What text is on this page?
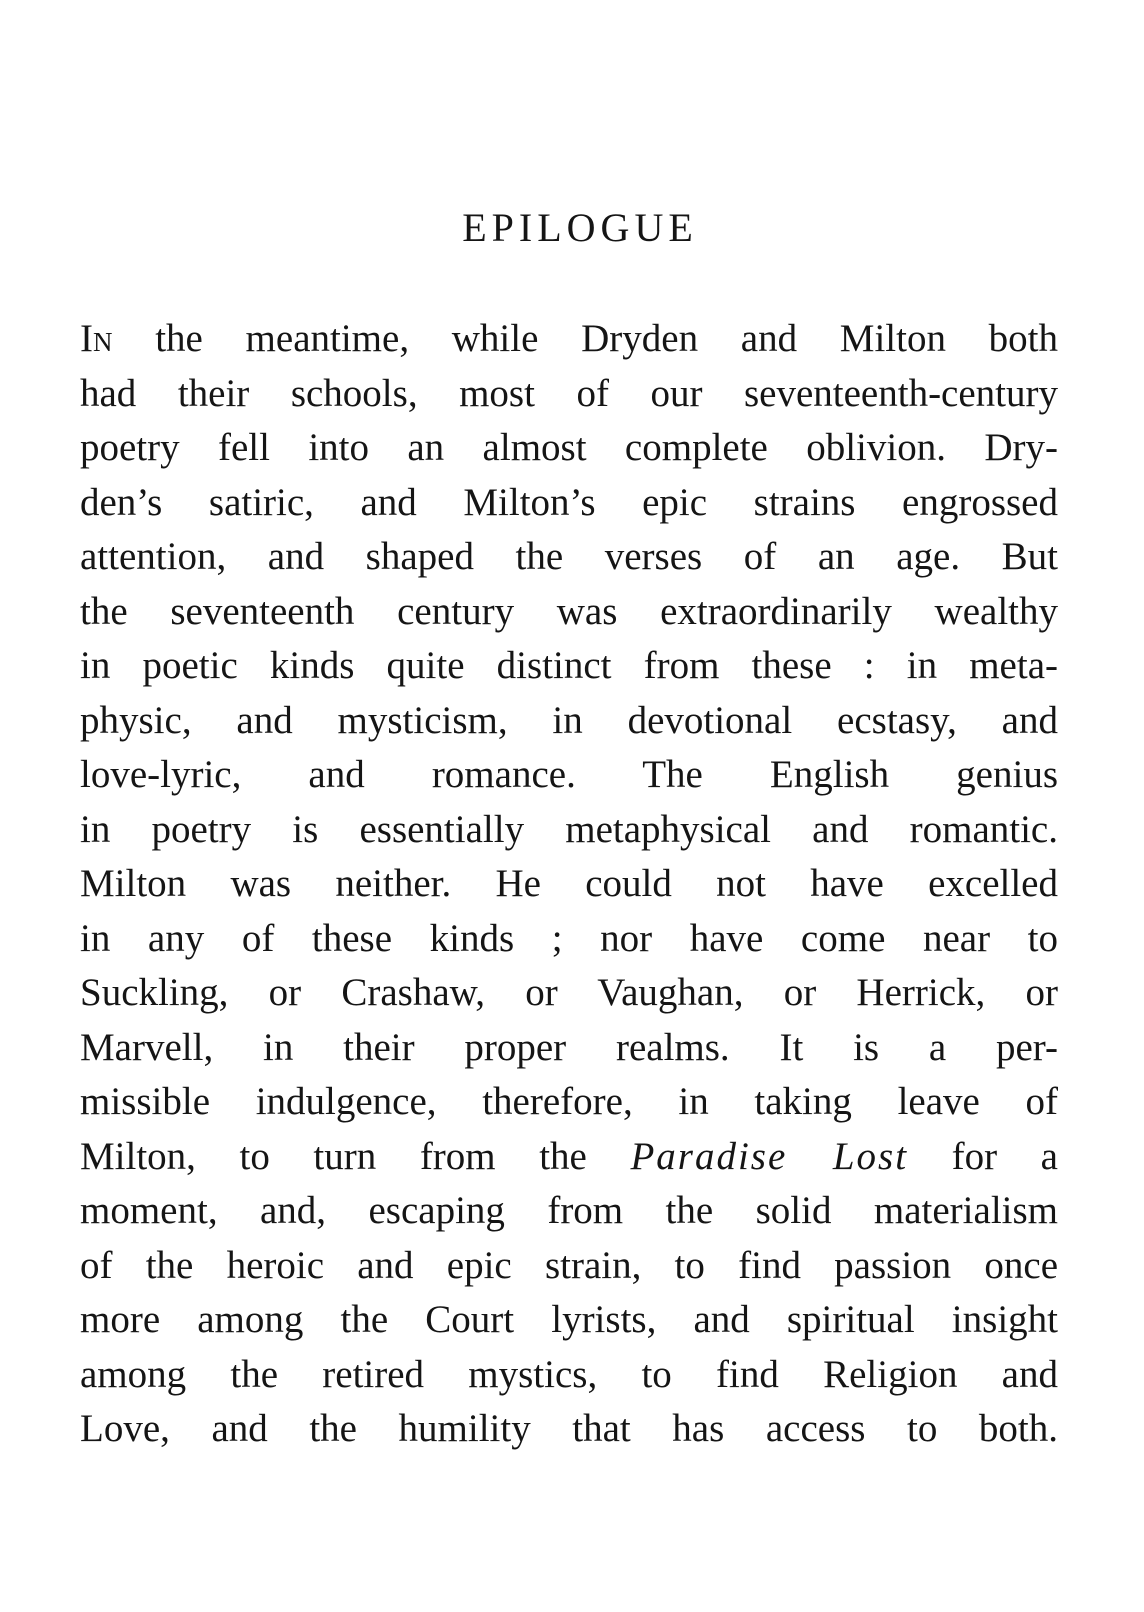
EPILOGUE
In the meantime, while Dryden and Milton both
had their schools, most of our seventeenth-century
poetry fell into an almost complete oblivion. Dry-
den’s satiric, and Milton’s epic strains engrossed
attention, and shaped the verses of an age. But
the seventeenth century was extraordinarily wealthy
in poetic kinds quite distinct from these : in meta-
physic, and mysticism, in devotional ecstasy, and
love-lyric, and romance. The English genius
in poetry is essentially metaphysical and romantic.
Milton was neither. He could not have excelled
in any of these kinds ; nor have come near to
Suckling, or Crashaw, or Vaughan, or Herrick, or
Marvell, in their proper realms. It is a per-
missible indulgence, therefore, in taking leave of
Milton, to turn from the Paradise Lost for a
moment, and, escaping from the solid materialism
of the heroic and epic strain, to find passion once
more among the Court lyrists, and spiritual insight
among the retired mystics, to find Religion and
Love, and the humility that has access to both.
